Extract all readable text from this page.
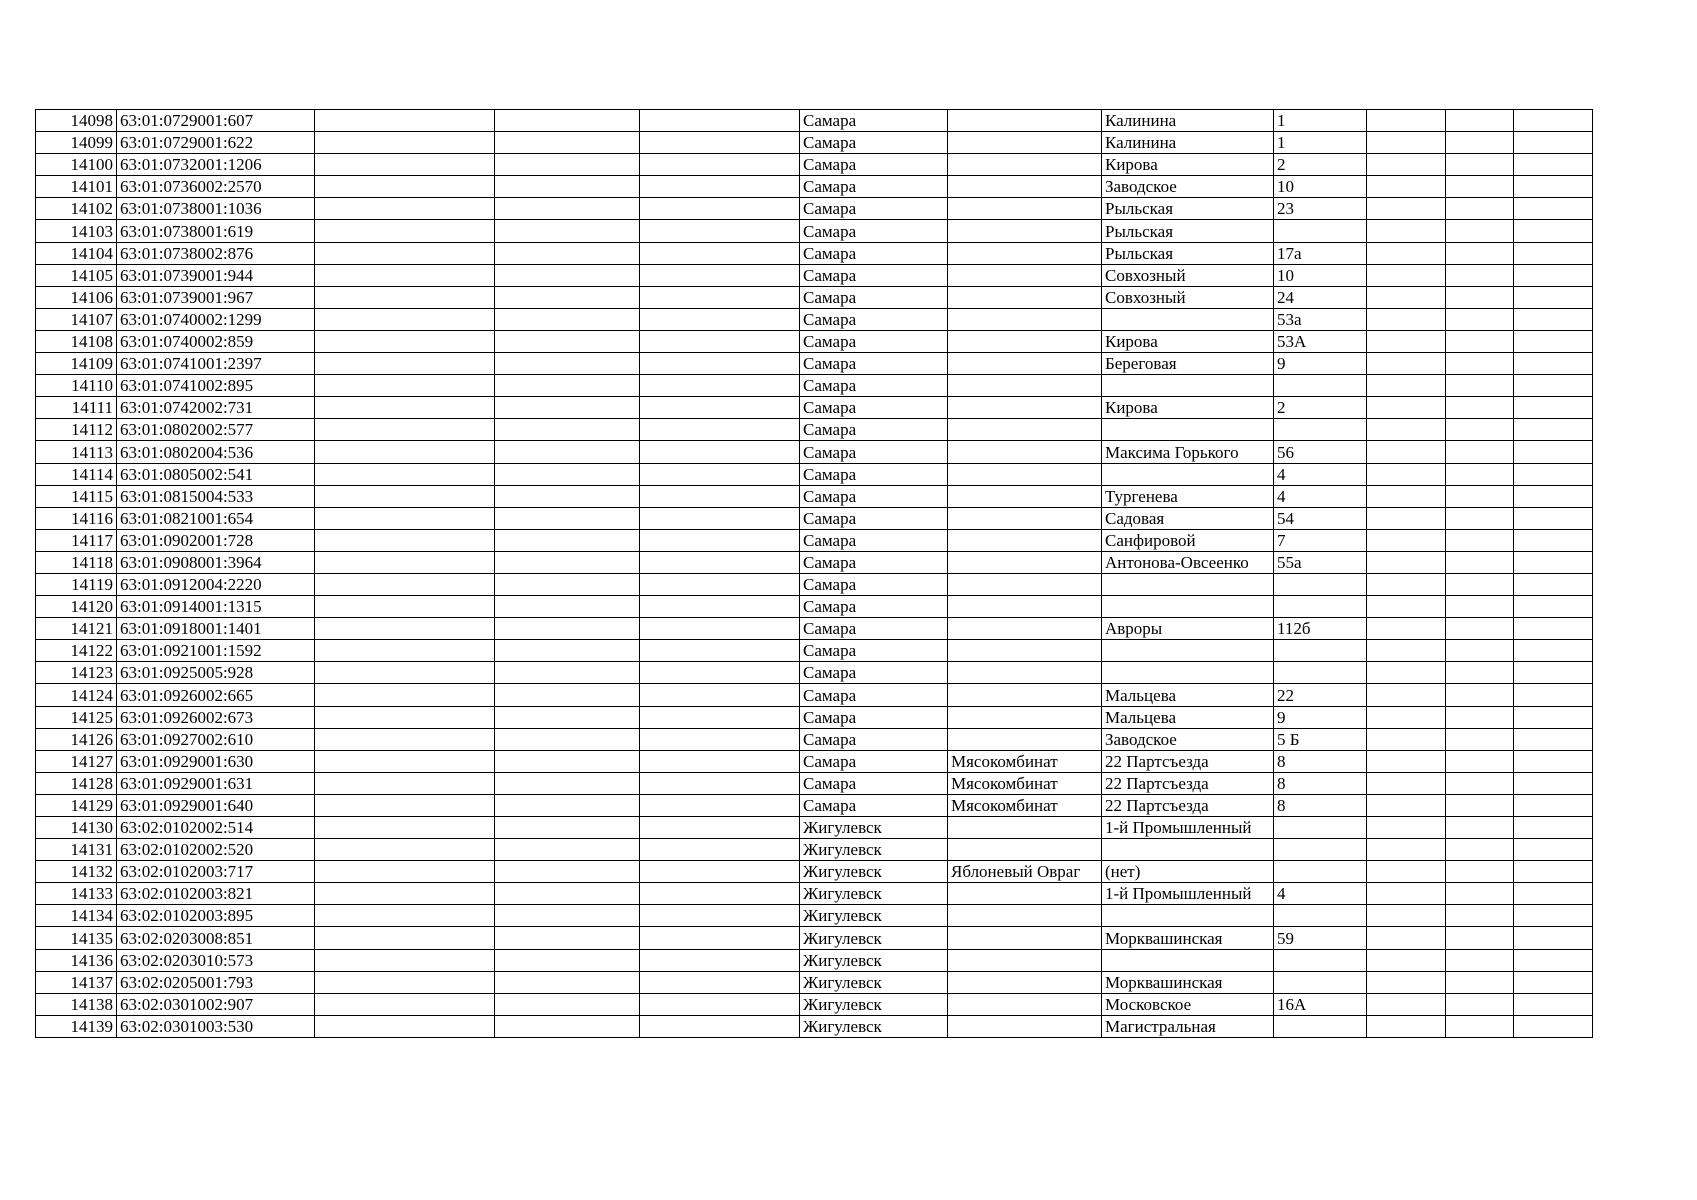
14098	63:01:0729001:607				Самара		Калинина	1			
14099	63:01:0729001:622				Самара		Калинина	1			
14100	63:01:0732001:1206				Самара		Кирова	2			
14101	63:01:0736002:2570				Самара		Заводское	10			
14102	63:01:0738001:1036				Самара		Рыльская	23			
14103	63:01:0738001:619				Самара		Рыльская				
14104	63:01:0738002:876				Самара		Рыльская	17а			
14105	63:01:0739001:944				Самара		Совхозный	10			
14106	63:01:0739001:967				Самара		Совхозный	24			
14107	63:01:0740002:1299				Самара			53а			
14108	63:01:0740002:859				Самара		Кирова	53А			
14109	63:01:0741001:2397				Самара		Береговая	9			
14110	63:01:0741002:895				Самара						
14111	63:01:0742002:731				Самара		Кирова	2			
14112	63:01:0802002:577				Самара						
14113	63:01:0802004:536				Самара		Максима Горького	56			
14114	63:01:0805002:541				Самара			4			
14115	63:01:0815004:533				Самара		Тургенева	4			
14116	63:01:0821001:654				Самара		Садовая	54			
14117	63:01:0902001:728				Самара		Санфировой	7			
14118	63:01:0908001:3964				Самара		Антонова-Овсеенко	55а			
14119	63:01:0912004:2220				Самара						
14120	63:01:0914001:1315				Самара						
14121	63:01:0918001:1401				Самара		Авроры	112б			
14122	63:01:0921001:1592				Самара						
14123	63:01:0925005:928				Самара						
14124	63:01:0926002:665				Самара		Мальцева	22			
14125	63:01:0926002:673				Самара		Мальцева	9			
14126	63:01:0927002:610				Самара		Заводское	5 Б			
14127	63:01:0929001:630				Самара	Мясокомбинат	22 Партсъезда	8			
14128	63:01:0929001:631				Самара	Мясокомбинат	22 Партсъезда	8			
14129	63:01:0929001:640				Самара	Мясокомбинат	22 Партсъезда	8			
14130	63:02:0102002:514				Жигулевск		1-й Промышленный				
14131	63:02:0102002:520				Жигулевск						
14132	63:02:0102003:717				Жигулевск	Яблоневый Овраг	(нет)				
14133	63:02:0102003:821				Жигулевск		1-й Промышленный	4			
14134	63:02:0102003:895				Жигулевск						
14135	63:02:0203008:851				Жигулевск		Морквашинская	59			
14136	63:02:0203010:573				Жигулевск						
14137	63:02:0205001:793				Жигулевск		Морквашинская				
14138	63:02:0301002:907				Жигулевск		Московское	16А			
14139	63:02:0301003:530				Жигулевск		Магистральная				
